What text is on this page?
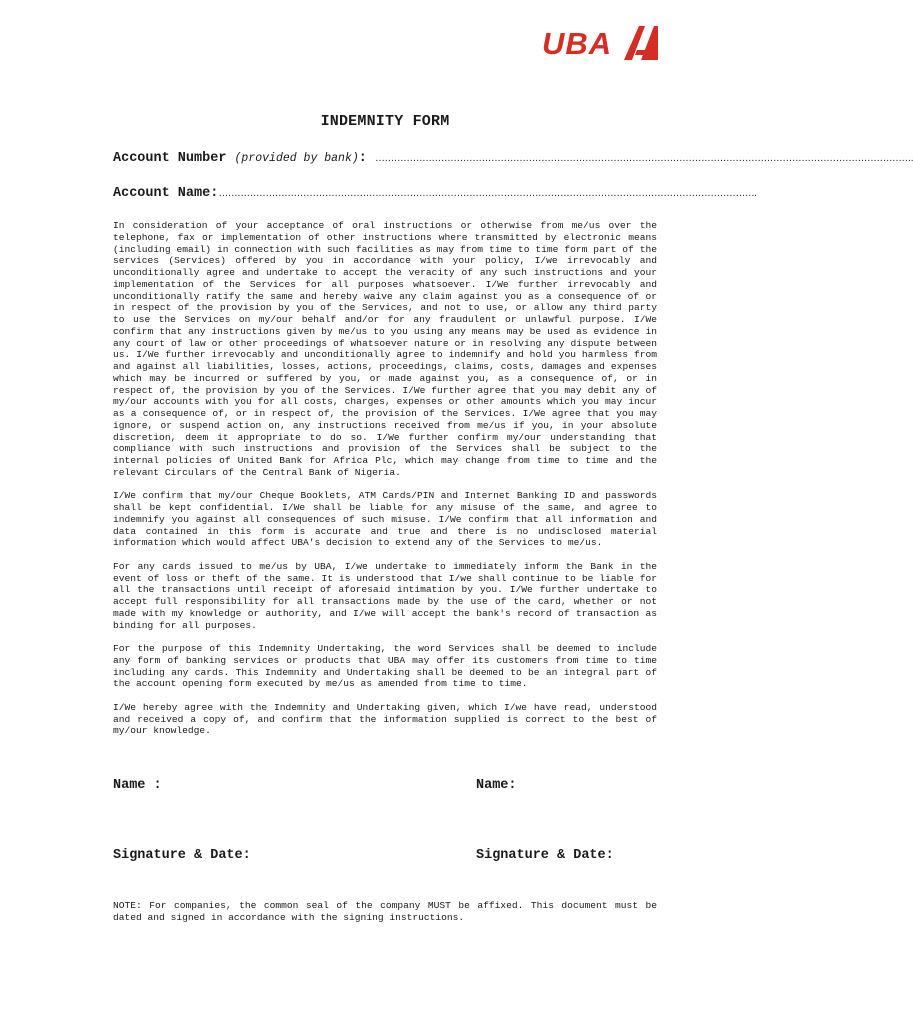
UBA
INDEMNITY FORM
Account Number (provided by bank): ……………………………………………………………………………………………………………………………………………………….
Account Name:……………………………………………………………………………………………………………………………………………………….

In consideration of your acceptance of oral instructions or otherwise from me/us over the telephone, fax or implementation of other instructions where transmitted by electronic means (including email) in connection with such facilities as may from time to time form part of the services (Services) offered by you in accordance with your policy, I/we irrevocably and unconditionally agree and undertake to accept the veracity of any such instructions and your implementation of the Services for all purposes whatsoever. I/We further irrevocably and unconditionally ratify the same and hereby waive any claim against you as a consequence of or in respect of the provision by you of the Services, and not to use, or allow any third party to use the Services on my/our behalf and/or for any fraudulent or unlawful purpose. I/We confirm that any instructions given by me/us to you using any means may be used as evidence in any court of law or other proceedings of whatsoever nature or in resolving any dispute between us. I/We further irrevocably and unconditionally agree to indemnify and hold you harmless from and against all liabilities, losses, actions, proceedings, claims, costs, damages and expenses which may be incurred or suffered by you, or made against you, as a consequence of, or in respect of, the provision by you of the Services. I/We further agree that you may debit any of my/our accounts with you for all costs, charges, expenses or other amounts which you may incur as a consequence of, or in respect of, the provision of the Services. I/We agree that you may ignore, or suspend action on, any instructions received from me/us if you, in your absolute discretion, deem it appropriate to do so. I/We further confirm my/our understanding that compliance with such instructions and provision of the Services shall be subject to the internal policies of United Bank for Africa Plc, which may change from time to time and the relevant Circulars of the Central Bank of Nigeria.

I/We confirm that my/our Cheque Booklets, ATM Cards/PIN and Internet Banking ID and passwords shall be kept confidential. I/We shall be liable for any misuse of the same, and agree to indemnify you against all consequences of such misuse. I/We confirm that all information and data contained in this form is accurate and true and there is no undisclosed material information which would affect UBA's decision to extend any of the Services to me/us.

For any cards issued to me/us by UBA, I/we undertake to immediately inform the Bank in the event of loss or theft of the same. It is understood that I/we shall continue to be liable for all the transactions until receipt of aforesaid intimation by you. I/We further undertake to accept full responsibility for all transactions made by the use of the card, whether or not made with my knowledge or authority, and I/we will accept the bank's record of transaction as binding for all purposes.

For the purpose of this Indemnity Undertaking, the word Services shall be deemed to include any form of banking services or products that UBA may offer its customers from time to time including any cards. This Indemnity and Undertaking shall be deemed to be an integral part of the account opening form executed by me/us as amended from time to time.

I/We hereby agree with the Indemnity and Undertaking given, which I/we have read, understood and received a copy of, and confirm that the information supplied is correct to the best of my/our knowledge.

Name :	Name:
Signature & Date:	Signature & Date:
NOTE: For companies, the common seal of the company MUST be affixed. This document must be dated and signed in accordance with the signing instructions.
